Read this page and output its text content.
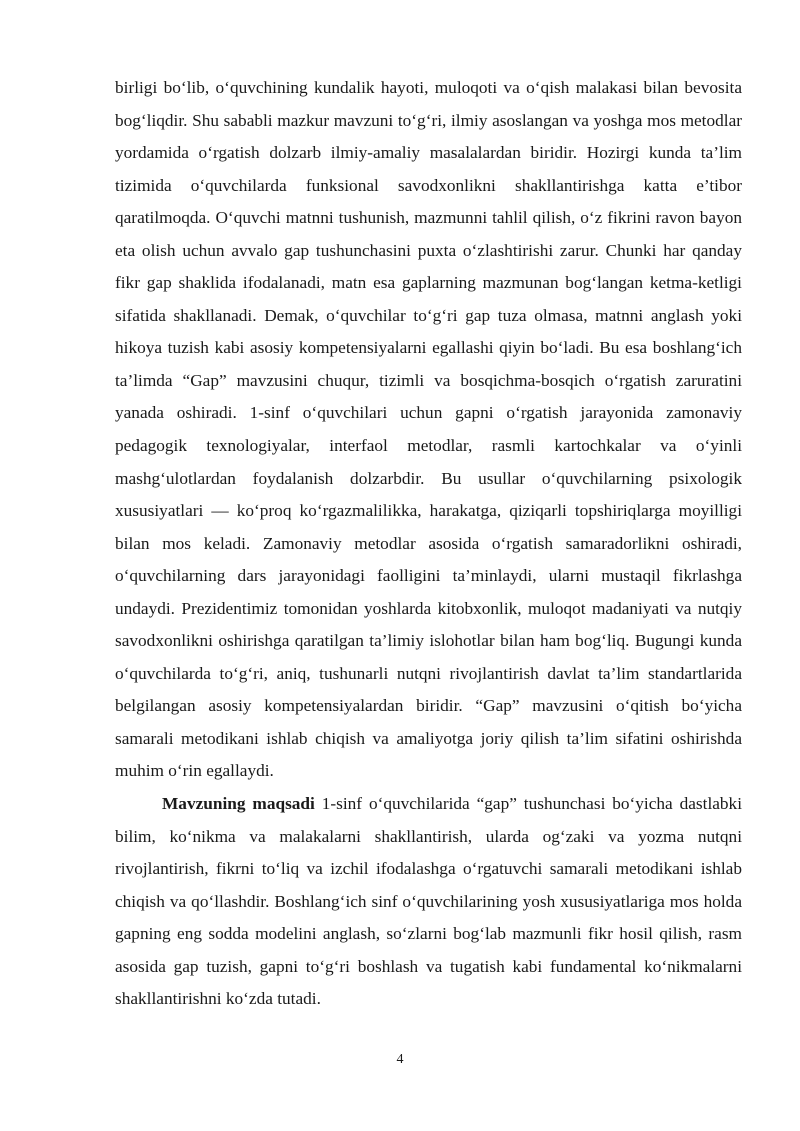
birligi bo‘lib, o‘quvchining kundalik hayoti, muloqoti va o‘qish malakasi bilan bevosita bog‘liqdir. Shu sababli mazkur mavzuni to‘g‘ri, ilmiy asoslangan va yoshga mos metodlar yordamida o‘rgatish dolzarb ilmiy-amaliy masalalardan biridir. Hozirgi kunda ta’lim tizimida o‘quvchilarda funksional savodxonlikni shakllantirishga katta e’tibor qaratilmoqda. O‘quvchi matnni tushunish, mazmunni tahlil qilish, o‘z fikrini ravon bayon eta olish uchun avvalo gap tushunchasini puxta o‘zlashtirishi zarur. Chunki har qanday fikr gap shaklida ifodalanadi, matn esa gaplarning mazmunan bog‘langan ketma-ketligi sifatida shakllanadi. Demak, o‘quvchilar to‘g‘ri gap tuza olmasa, matnni anglash yoki hikoya tuzish kabi asosiy kompetensiyalarni egallashi qiyin bo‘ladi. Bu esa boshlang‘ich ta’limda “Gap” mavzusini chuqur, tizimli va bosqichma-bosqich o‘rgatish zaruratini yanada oshiradi. 1-sinf o‘quvchilari uchun gapni o‘rgatish jarayonida zamonaviy pedagogik texnologiyalar, interfaol metodlar, rasmli kartochkalar va o‘yinli mashg‘ulotlardan foydalanish dolzarbdir. Bu usullar o‘quvchilarning psixologik xususiyatlari — ko‘proq ko‘rgazmalilikka, harakatga, qiziqarli topshiriqlarga moyilligi bilan mos keladi. Zamonaviy metodlar asosida o‘rgatish samaradorlikni oshiradi, o‘quvchilarning dars jarayonidagi faolligini ta’minlaydi, ularni mustaqil fikrlashga undaydi. Prezidentimiz tomonidan yoshlarda kitobxonlik, muloqot madaniyati va nutqiy savodxonlikni oshirishga qaratilgan ta’limiy islohotlar bilan ham bog‘liq. Bugungi kunda o‘quvchilarda to‘g‘ri, aniq, tushunarli nutqni rivojlantirish davlat ta’lim standartlarida belgilangan asosiy kompetensiyalardan biridir. “Gap” mavzusini o‘qitish bo‘yicha samarali metodikani ishlab chiqish va amaliyotga joriy qilish ta’lim sifatini oshirishda muhim o‘rin egallaydi.

Mavzuning maqsadi 1-sinf o‘quvchilarida “gap” tushunchasi bo‘yicha dastlabki bilim, ko‘nikma va malakalarni shakllantirish, ularda og‘zaki va yozma nutqni rivojlantirish, fikrni to‘liq va izchil ifodalashga o‘rgatuvchi samarali metodikani ishlab chiqish va qo‘llashdir. Boshlang‘ich sinf o‘quvchilarining yosh xususiyatlariga mos holda gapning eng sodda modelini anglash, so‘zlarni bog‘lab mazmunli fikr hosil qilish, rasm asosida gap tuzish, gapni to‘g‘ri boshlash va tugatish kabi fundamental ko‘nikmalarni shakllantirishni ko‘zda tutadi.

4
